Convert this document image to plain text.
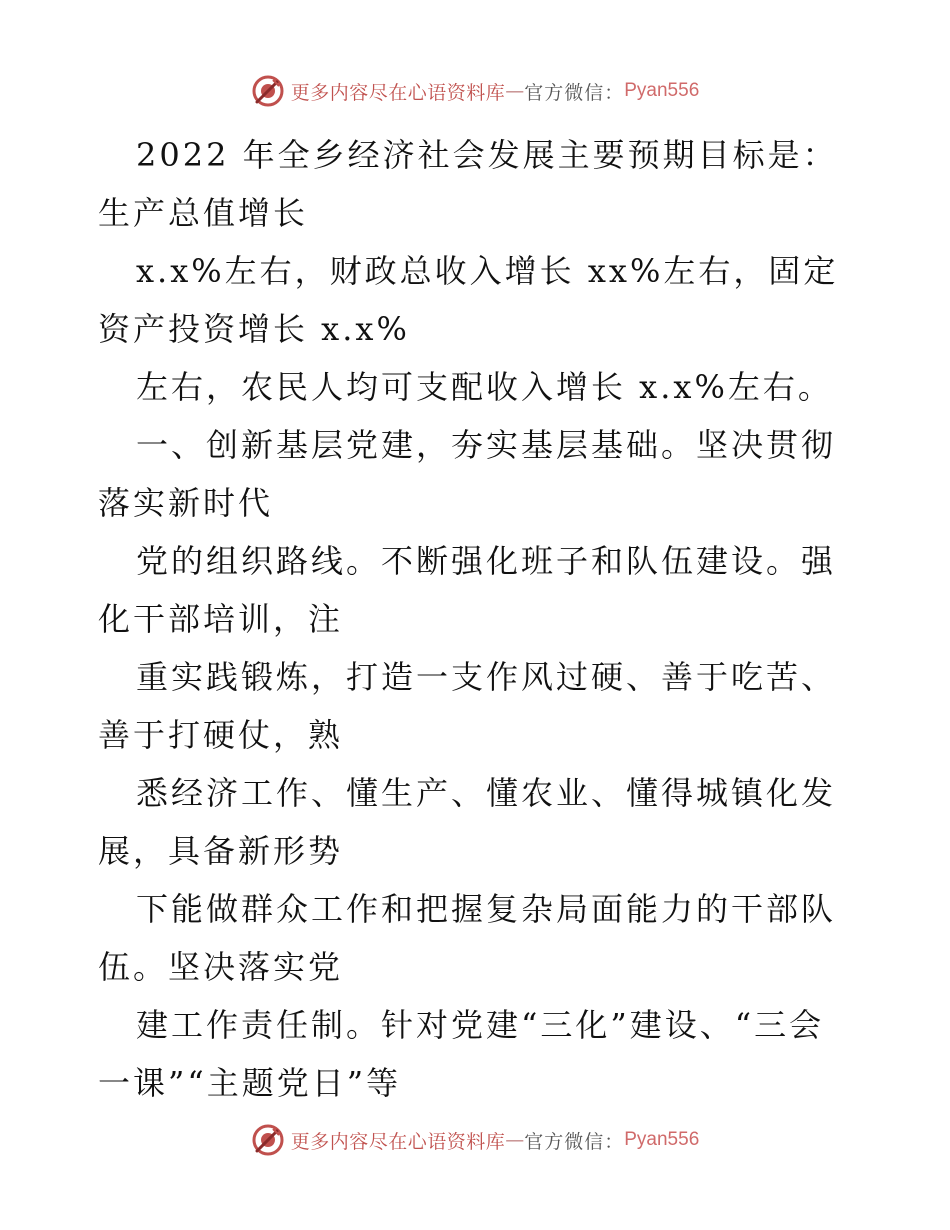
更多内容尽在心语资料库 — 官方微信： Pyan556

2022 年全乡经济社会发展主要预期目标是：生产总值增长

x.x%左右，财政总收入增长 xx%左右，固定资产投资增长 x.x%

左右，农民人均可支配收入增长 x.x%左右。

一、创新基层党建，夯实基层基础。坚决贯彻落实新时代

党的组织路线。不断强化班子和队伍建设。强化干部培训，注

重实践锻炼，打造一支作风过硬、善于吃苦、善于打硬仗，熟

悉经济工作、懂生产、懂农业、懂得城镇化发展，具备新形势

下能做群众工作和把握复杂局面能力的干部队伍。坚决落实党

建工作责任制。针对党建“三化”建设、“三会一课”“主题党日”等

更多内容尽在心语资料库 — 官方微信： Pyan556
